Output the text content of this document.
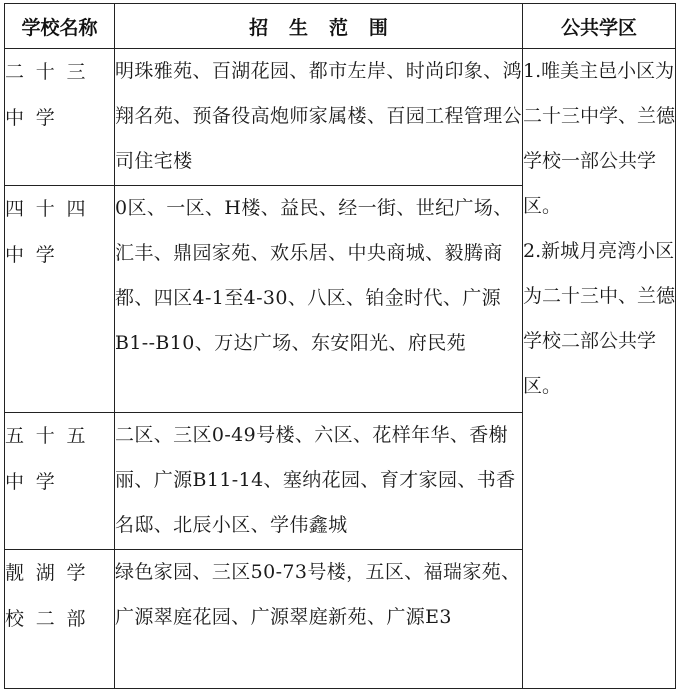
学校名称	招生范围	公共学区
二十三中学	明珠雅苑、百湖花园、都市左岸、时尚印象、鸿翔名苑、预备役高炮师家属楼、百园工程管理公司住宅楼	1.唯美主邑小区为二十三中学、兰德学校一部公共学区。

2.新城月亮湾小区为二十三中、兰德学校二部公共学区。

四十四中学	0区、一区、H楼、益民、经一街、世纪广场、汇丰、鼎园家苑、欢乐居、中央商城、毅腾商都、四区4-1至4-30、八区、铂金时代、广源B1--B10、万达广场、东安阳光、府民苑	
五十五中学	二区、三区0-49号楼、六区、花样年华、香榭丽、广源B11-14、塞纳花园、育才家园、书香名邸、北辰小区、学伟鑫城	
靓湖学校二部	绿色家园、三区50-73号楼，五区、福瑞家苑、广源翠庭花园、广源翠庭新苑、广源E3	
